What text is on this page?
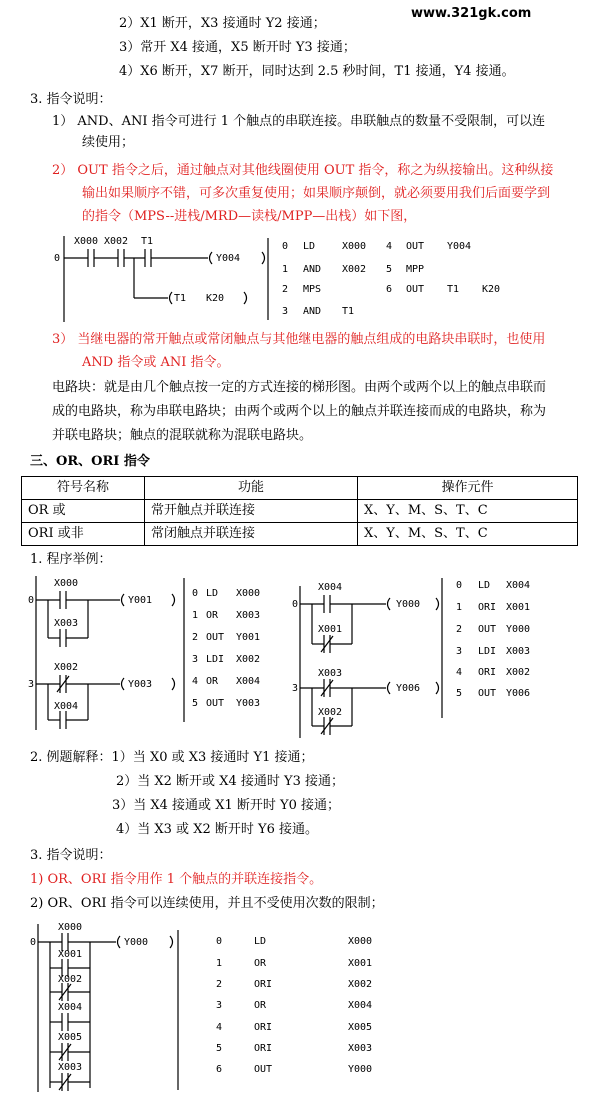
www.321gk.com
2）X1 断开，X3 接通时 Y2 接通；
3）常开 X4 接通，X5 断开时 Y3 接通；
4）X6 断开，X7 断开，同时达到 2.5 秒时间，T1 接通，Y4 接通。
3. 指令说明：
1） AND、ANI 指令可进行 1 个触点的串联连接。串联触点的数量不受限制，可以连
续使用；
2） OUT 指令之后，通过触点对其他线圈使用 OUT 指令，称之为纵接输出。这种纵接
输出如果顺序不错，可多次重复使用；如果顺序颠倒，就必须要用我们后面要学到
的指令（MPS--进栈/MRD—读栈/MPP—出栈）如下图，
X000 X002 T1
Y004
T1 K20
0
0 LD	X000
1 AND X002
2 MPS
3 AND T1
4 OUT Y004
5 MPP
6 OUT T1 K20
3） 当继电器的常开触点或常闭触点与其他继电器的触点组成的电路块串联时，也使用
AND 指令或 ANI 指令。
电路块：就是由几个触点按一定的方式连接的梯形图。由两个或两个以上的触点串联而
成的电路块，称为串联电路块；由两个或两个以上的触点并联连接而成的电路块，称为
并联电路块；触点的混联就称为混联电路块。
三、OR、ORI 指令
符号名称	功能	操作元件
OR 或	常开触点并联连接	X、Y、M、S、T、C
ORI 或非	常闭触点并联连接	X、Y、M、S、T、C
1. 程序举例：
X000
X003
Y001
X002
X004
Y003
0
3
0 LD X000
1 OR X003
2 OUT Y001
3 LDI X002
4 OR X004
5 OUT Y003
X004
X001
Y000
X003
X002
Y006
0
3
0 LD X004
1 ORI X001
2 OUT Y000
3 LDI X003
4 ORI X002
5 OUT Y006
2. 例题解释：1）当 X0 或 X3 接通时 Y1 接通；
2）当 X2 断开或 X4 接通时 Y3 接通；
3）当 X4 接通或 X1 断开时 Y0 接通；
4）当 X3 或 X2 断开时 Y6 接通。
3. 指令说明：
1) OR、ORI 指令用作 1 个触点的并联连接指令。
2) OR、ORI 指令可以连续使用，并且不受使用次数的限制；
X000
X001
X002
X004
X005
X003
Y000
0	0	LD	X000
1	OR	X001
2	ORI	X002
3	OR	X004
4	ORI	X005
5	ORI	X003
6	OUT	Y000
